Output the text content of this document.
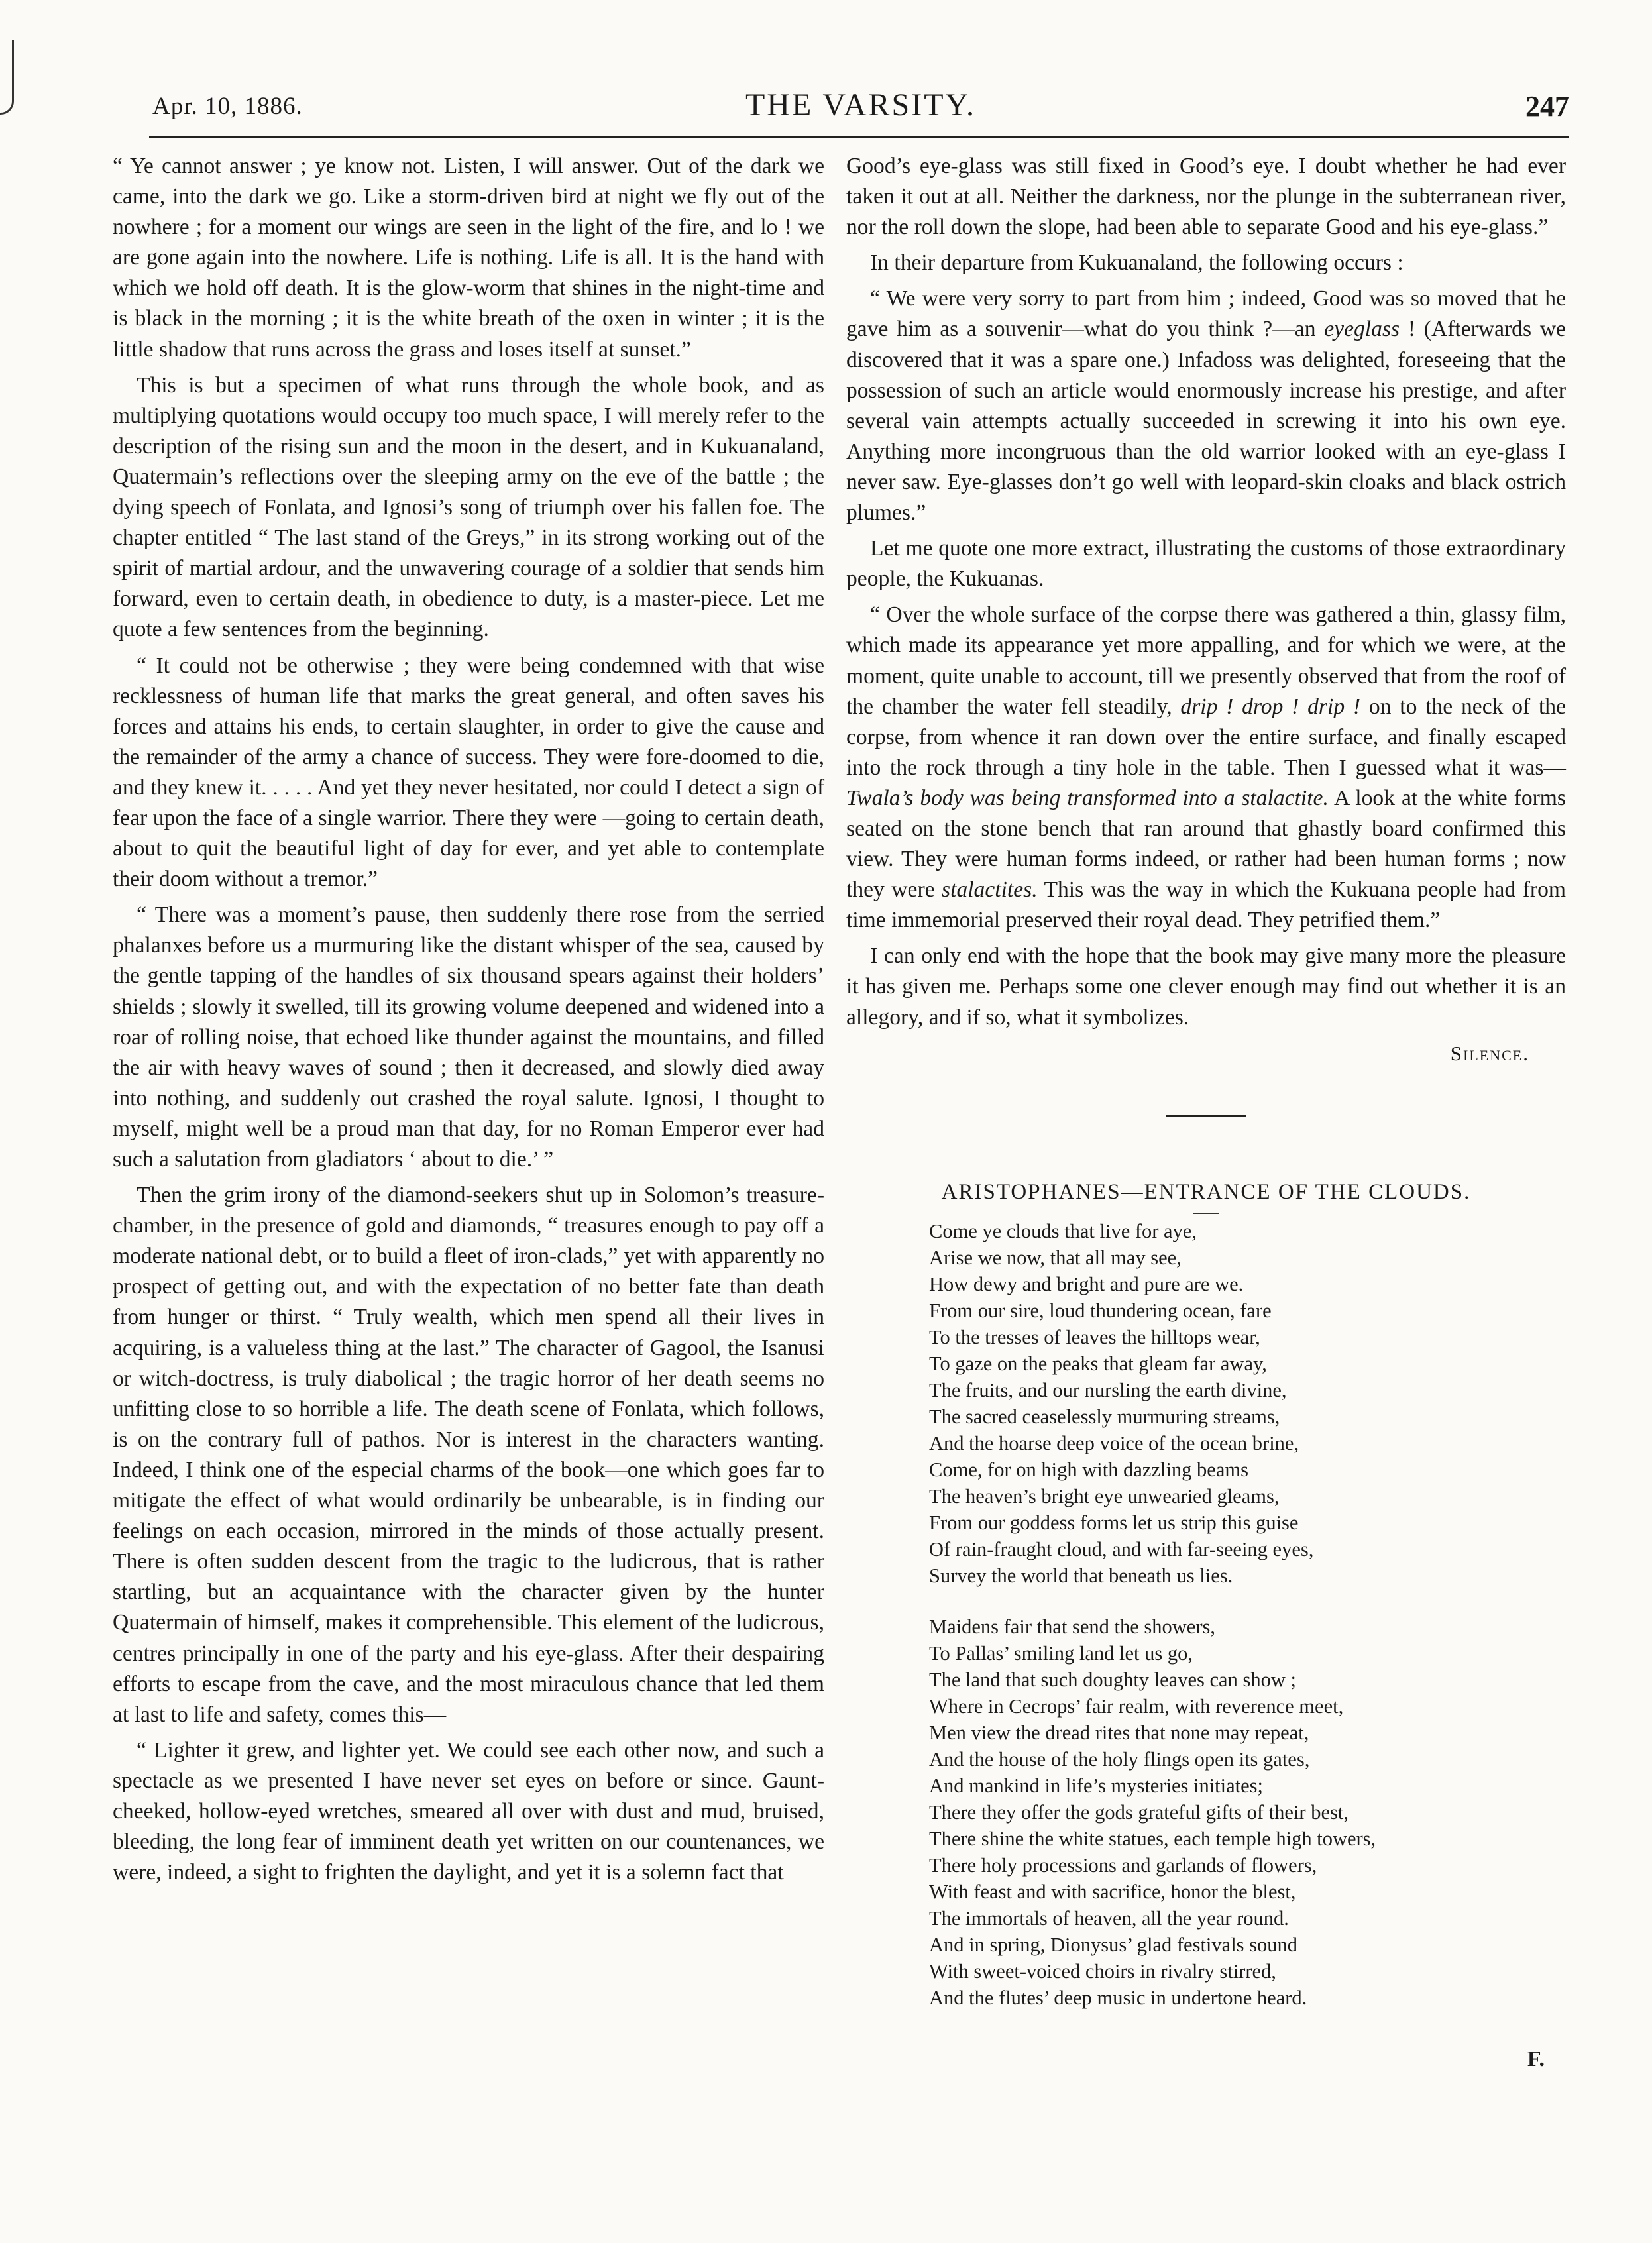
Apr. 10, 1886.	THE VARSITY.	247

“ Ye cannot answer ; ye know not. Listen, I will answer. Out of the dark we came, into the dark we go. Like a storm-driven bird at night we fly out of the nowhere ; for a moment our wings are seen in the light of the fire, and lo ! we are gone again into the nowhere. Life is nothing. Life is all. It is the hand with which we hold off death. It is the glow-worm that shines in the night-time and is black in the morning ; it is the white breath of the oxen in winter ; it is the little shadow that runs across the grass and loses itself at sunset.”

This is but a specimen of what runs through the whole book, and as multiplying quotations would occupy too much space, I will merely refer to the description of the rising sun and the moon in the desert, and in Kukuanaland, Quatermain’s reflections over the sleeping army on the eve of the battle ; the dying speech of Fonlata, and Ignosi’s song of triumph over his fallen foe. The chapter entitled “ The last stand of the Greys,” in its strong working out of the spirit of martial ardour, and the unwavering courage of a soldier that sends him forward, even to certain death, in obedience to duty, is a master-piece. Let me quote a few sentences from the beginning.

“ It could not be otherwise ; they were being condemned with that wise recklessness of human life that marks the great general, and often saves his forces and attains his ends, to certain slaughter, in order to give the cause and the remainder of the army a chance of success. They were fore-doomed to die, and they knew it. . . . . And yet they never hesitated, nor could I detect a sign of fear upon the face of a single warrior. There they were —going to certain death, about to quit the beautiful light of day for ever, and yet able to contemplate their doom without a tremor.”

“ There was a moment’s pause, then suddenly there rose from the serried phalanxes before us a murmuring like the distant whisper of the sea, caused by the gentle tapping of the handles of six thousand spears against their holders’ shields ; slowly it swelled, till its growing volume deepened and widened into a roar of rolling noise, that echoed like thunder against the mountains, and filled the air with heavy waves of sound ; then it decreased, and slowly died away into nothing, and suddenly out crashed the royal salute. Ignosi, I thought to myself, might well be a proud man that day, for no Roman Emperor ever had such a salutation from gladiators ‘ about to die.’ ”

Then the grim irony of the diamond-seekers shut up in Solomon’s treasure-chamber, in the presence of gold and diamonds, “ treasures enough to pay off a moderate national debt, or to build a fleet of iron-clads,” yet with apparently no prospect of getting out, and with the expectation of no better fate than death from hunger or thirst. “ Truly wealth, which men spend all their lives in acquiring, is a valueless thing at the last.” The character of Gagool, the Isanusi or witch-doctress, is truly diabolical ; the tragic horror of her death seems no unfitting close to so horrible a life. The death scene of Fonlata, which follows, is on the contrary full of pathos. Nor is interest in the characters wanting. Indeed, I think one of the especial charms of the book—one which goes far to mitigate the effect of what would ordinarily be unbearable, is in finding our feelings on each occasion, mirrored in the minds of those actually present. There is often sudden descent from the tragic to the ludicrous, that is rather startling, but an acquaintance with the character given by the hunter Quatermain of himself, makes it comprehensible. This element of the ludicrous, centres principally in one of the party and his eye-glass. After their despairing efforts to escape from the cave, and the most miraculous chance that led them at last to life and safety, comes this—

“ Lighter it grew, and lighter yet. We could see each other now, and such a spectacle as we presented I have never set eyes on before or since. Gaunt-cheeked, hollow-eyed wretches, smeared all over with dust and mud, bruised, bleeding, the long fear of imminent death yet written on our countenances, we were, indeed, a sight to frighten the daylight, and yet it is a solemn fact that

Good’s eye-glass was still fixed in Good’s eye. I doubt whether he had ever taken it out at all. Neither the darkness, nor the plunge in the subterranean river, nor the roll down the slope, had been able to separate Good and his eye-glass.”

In their departure from Kukuanaland, the following occurs :

“ We were very sorry to part from him ; indeed, Good was so moved that he gave him as a souvenir—what do you think ?—an eyeglass ! (Afterwards we discovered that it was a spare one.) Infadoss was delighted, foreseeing that the possession of such an article would enormously increase his prestige, and after several vain attempts actually succeeded in screwing it into his own eye. Anything more incongruous than the old warrior looked with an eye-glass I never saw. Eye-glasses don’t go well with leopard-skin cloaks and black ostrich plumes.”

Let me quote one more extract, illustrating the customs of those extraordinary people, the Kukuanas.

“ Over the whole surface of the corpse there was gathered a thin, glassy film, which made its appearance yet more appalling, and for which we were, at the moment, quite unable to account, till we presently observed that from the roof of the chamber the water fell steadily, drip ! drop ! drip ! on to the neck of the corpse, from whence it ran down over the entire surface, and finally escaped into the rock through a tiny hole in the table. Then I guessed what it was—Twala’s body was being transformed into a stalactite. A look at the white forms seated on the stone bench that ran around that ghastly board confirmed this view. They were human forms indeed, or rather had been human forms ; now they were stalactites. This was the way in which the Kukuana people had from time immemorial preserved their royal dead. They petrified them.”

I can only end with the hope that the book may give many more the pleasure it has given me. Perhaps some one clever enough may find out whether it is an allegory, and if so, what it symbolizes.

Silence.
ARISTOPHANES—ENTRANCE OF THE CLOUDS.
Come ye clouds that live for aye,
Arise we now, that all may see,
How dewy and bright and pure are we.
From our sire, loud thundering ocean, fare
To the tresses of leaves the hilltops wear,
To gaze on the peaks that gleam far away,
The fruits, and our nursling the earth divine,
The sacred ceaselessly murmuring streams,
And the hoarse deep voice of the ocean brine,
Come, for on high with dazzling beams
The heaven’s bright eye unwearied gleams,
From our goddess forms let us strip this guise
Of rain-fraught cloud, and with far-seeing eyes,
Survey the world that beneath us lies.
Maidens fair that send the showers,
To Pallas’ smiling land let us go,
The land that such doughty leaves can show ;
Where in Cecrops’ fair realm, with reverence meet,
Men view the dread rites that none may repeat,
And the house of the holy flings open its gates,
And mankind in life’s mysteries initiates;
There they offer the gods grateful gifts of their best,
There shine the white statues, each temple high towers,
There holy processions and garlands of flowers,
With feast and with sacrifice, honor the blest,
The immortals of heaven, all the year round.
And in spring, Dionysus’ glad festivals sound
With sweet-voiced choirs in rivalry stirred,
And the flutes’ deep music in undertone heard.
F.
